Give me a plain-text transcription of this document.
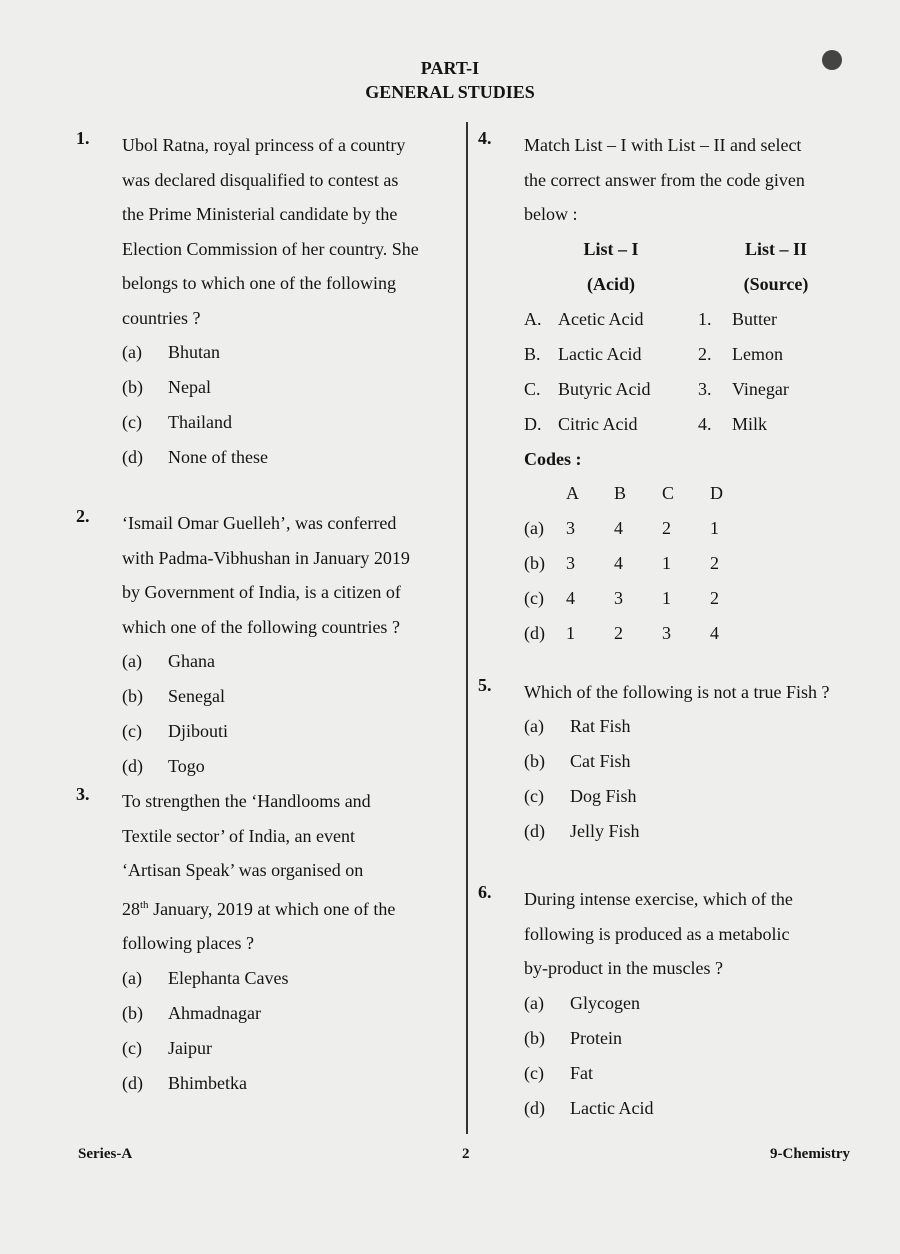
PART-I
GENERAL STUDIES
1.	Ubol Ratna, royal princess of a country
was declared disqualified to contest as
the Prime Ministerial candidate by the
Election Commission of her country. She
belongs to which one of the following
countries ?
(a)	Bhutan
(b)	Nepal
(c)	Thailand
(d)	None of these
2.	‘Ismail Omar Guelleh’, was conferred
with Padma-Vibhushan in January 2019
by Government of India, is a citizen of
which one of the following countries ?
(a)	Ghana
(b)	Senegal
(c)	Djibouti
(d)	Togo
3.	To strengthen the ‘Handlooms and
Textile sector’ of India, an event
‘Artisan Speak’ was organised on
28th January, 2019 at which one of the
following places ?
(a)	Elephanta Caves
(b)	Ahmadnagar
(c)	Jaipur
(d)	Bhimbetka
4.	Match List – I with List – II and select
the correct answer from the code given
below :
List – I		List – II	
(Acid)		(Source)	
A.	Acetic Acid	1.	Butter
B.	Lactic Acid	2.	Lemon
C.	Butyric Acid	3.	Vinegar
D.	Citric Acid	4.	Milk
Codes :
	A	B	C	D
(a)	3	4	2	1
(b)	3	4	1	2
(c)	4	3	1	2
(d)	1	2	3	4
5.	Which of the following is not a true Fish ?
(a)	Rat Fish
(b)	Cat Fish
(c)	Dog Fish
(d)	Jelly Fish
6.	During intense exercise, which of the
following is produced as a metabolic
by-product in the muscles ?
(a)	Glycogen
(b)	Protein
(c)	Fat
(d)	Lactic Acid
Series-A	2	9-Chemistry
